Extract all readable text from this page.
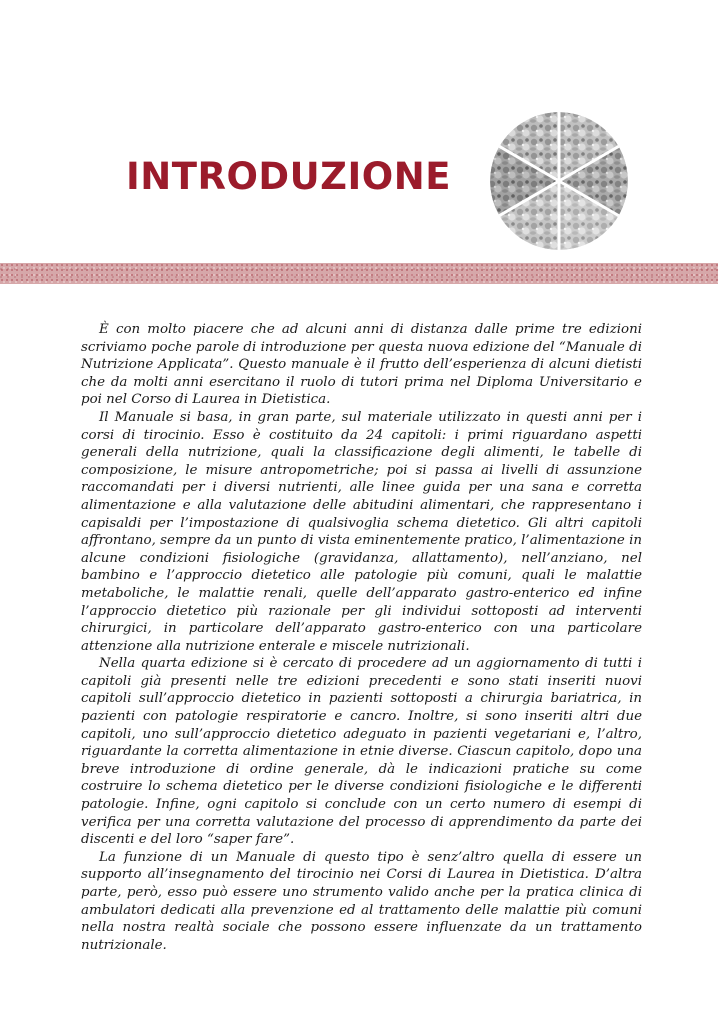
INTRODUZIONE

È con molto piacere che ad alcuni anni di distanza dalle prime tre edizioni scriviamo poche parole di introduzione per questa nuova edizione del “Manuale di Nutrizione Applicata”. Questo manuale è il frutto dell’esperienza di alcuni dietisti che da molti anni esercitano il ruolo di tutori prima nel Diploma Universitario e poi nel Corso di Laurea in Dietistica.

Il Manuale si basa, in gran parte, sul materiale utilizzato in questi anni per i corsi di tirocinio. Esso è costituito da 24 capitoli: i primi riguardano aspetti generali della nutrizione, quali la classificazione degli alimenti, le tabelle di composizione, le misure antropometriche; poi si passa ai livelli di assunzione raccomandati per i diversi nutrienti, alle linee guida per una sana e corretta alimentazione e alla valutazione delle abitudini alimentari, che rappresentano i capisaldi per l’impostazione di qualsivoglia schema dietetico. Gli altri capitoli affrontano, sempre da un punto di vista eminentemente pratico, l’alimentazione in alcune condizioni fisiologiche (gravidanza, allattamento), nell’anziano, nel bambino e l’approccio dietetico alle patologie più comuni, quali le malattie metaboliche, le malattie renali, quelle dell’apparato gastro-enterico ed infine l’approccio dietetico più razionale per gli individui sottoposti ad interventi chirurgici, in particolare dell’apparato gastro-enterico con una particolare attenzione alla nutrizione enterale e miscele nutrizionali.

Nella quarta edizione si è cercato di procedere ad un aggiornamento di tutti i capitoli già presenti nelle tre edizioni precedenti e sono stati inseriti nuovi capitoli sull’approccio dietetico in pazienti sottoposti a chirurgia bariatrica, in pazienti con patologie respiratorie e cancro. Inoltre, si sono inseriti altri due capitoli, uno sull’approccio dietetico adeguato in pazienti vegetariani e, l’altro, riguardante la corretta alimentazione in etnie diverse. Ciascun capitolo, dopo una breve introduzione di ordine generale, dà le indicazioni pratiche su come costruire lo schema dietetico per le diverse condizioni fisiologiche e le differenti patologie. Infine, ogni capitolo si conclude con un certo numero di esempi di verifica per una corretta valutazione del processo di apprendimento da parte dei discenti e del loro “saper fare”.

La funzione di un Manuale di questo tipo è senz’altro quella di essere un supporto all’insegnamento del tirocinio nei Corsi di Laurea in Dietistica. D’altra parte, però, esso può essere uno strumento valido anche per la pratica clinica di ambulatori dedicati alla prevenzione ed al trattamento delle malattie più comuni nella nostra realtà sociale che possono essere influenzate da un trattamento nutrizionale.
